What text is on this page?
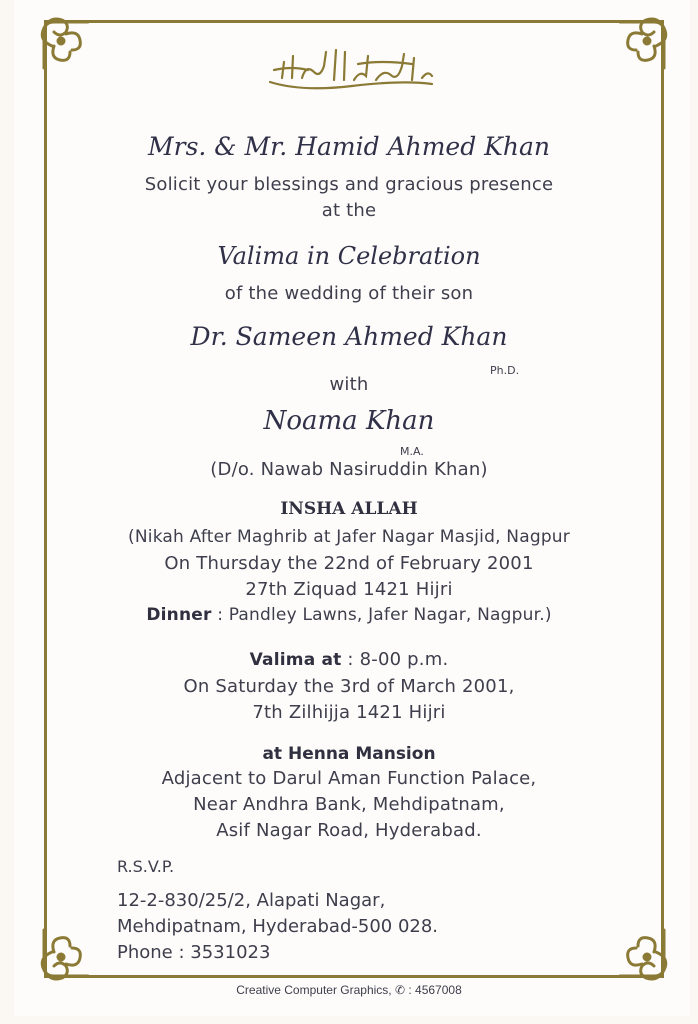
Mrs. & Mr. Hamid Ahmed Khan
Solicit your blessings and gracious presence
at the
Valima in Celebration
of the wedding of their son
Dr. Sameen Ahmed Khan
Ph.D.
with
Noama Khan
M.A.
(D/o. Nawab Nasiruddin Khan)
INSHA ALLAH
(Nikah After Maghrib at Jafer Nagar Masjid, Nagpur
On Thursday the 22nd of February 2001
27th Ziquad 1421 Hijri
Dinner : Pandley Lawns, Jafer Nagar, Nagpur.)
Valima at : 8-00 p.m.
On Saturday the 3rd of March 2001,
7th Zilhijja 1421 Hijri
at Henna Mansion
Adjacent to Darul Aman Function Palace,
Near Andhra Bank, Mehdipatnam,
Asif Nagar Road, Hyderabad.
R.S.V.P.
12-2-830/25/2, Alapati Nagar,
Mehdipatnam, Hyderabad-500 028.
Phone : 3531023
Creative Computer Graphics, ✆ : 4567008
